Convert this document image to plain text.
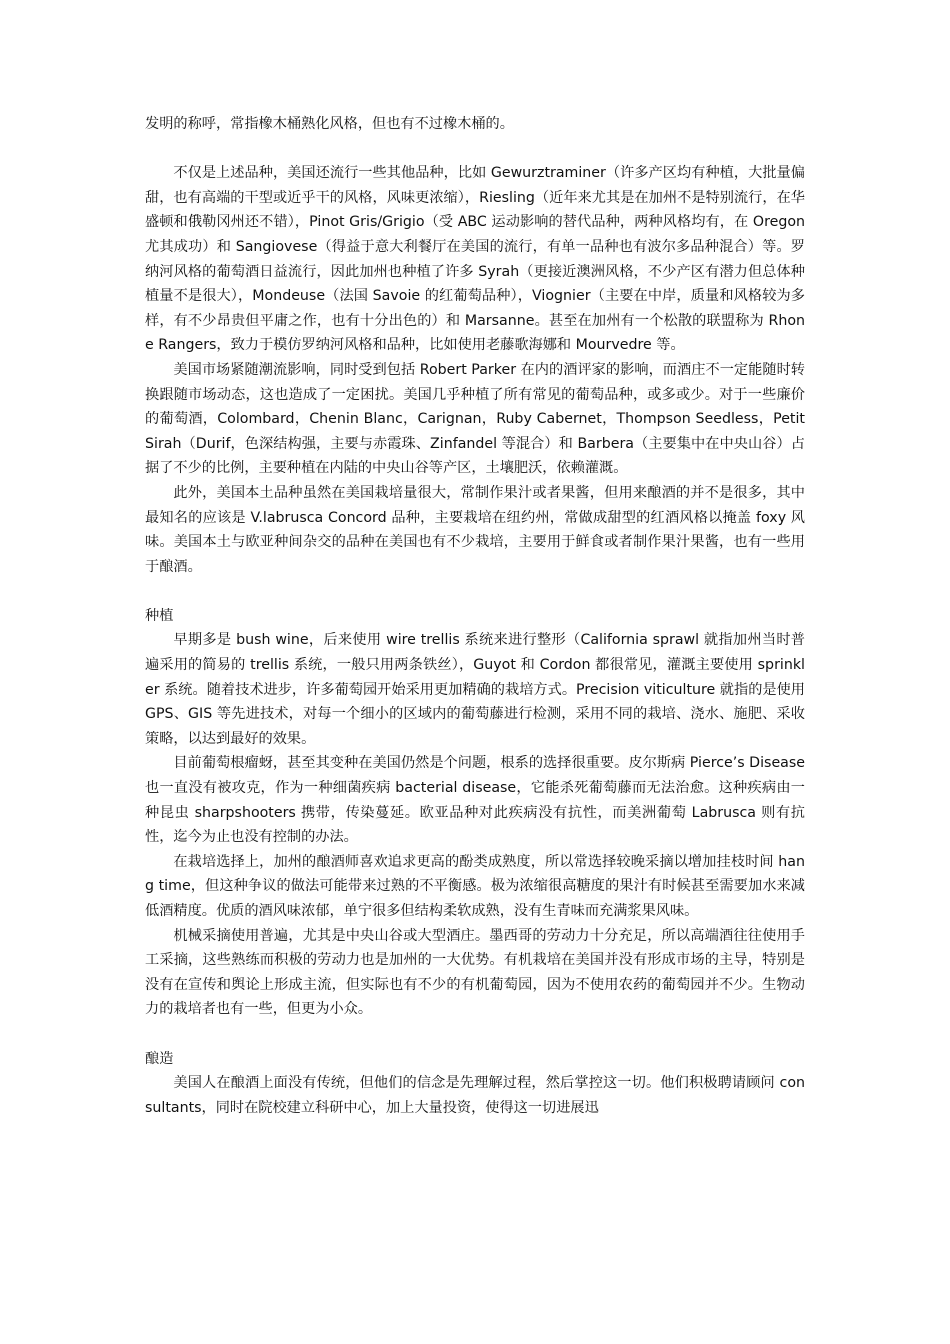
发明的称呼，常指橡木桶熟化风格，但也有不过橡木桶的。

不仅是上述品种，美国还流行一些其他品种，比如 Gewurztraminer（许多产区均有种植，大批量偏甜，也有高端的干型或近乎干的风格，风味更浓缩），Riesling（近年来尤其是在加州不是特别流行，在华盛顿和俄勒冈州还不错），Pinot Gris/Grigio（受 ABC 运动影响的替代品种，两种风格均有，在 Oregon 尤其成功）和 Sangiovese（得益于意大利餐厅在美国的流行，有单一品种也有波尔多品种混合）等。罗纳河风格的葡萄酒日益流行，因此加州也种植了许多 Syrah（更接近澳洲风格，不少产区有潜力但总体种植量不是很大），Mondeuse（法国 Savoie 的红葡萄品种），Viognier（主要在中岸，质量和风格较为多样，有不少昂贵但平庸之作，也有十分出色的）和 Marsanne。甚至在加州有一个松散的联盟称为 Rhone Rangers，致力于模仿罗纳河风格和品种，比如使用老藤歌海娜和 Mourvedre 等。

美国市场紧随潮流影响，同时受到包括 Robert Parker 在内的酒评家的影响，而酒庄不一定能随时转换跟随市场动态，这也造成了一定困扰。美国几乎种植了所有常见的葡萄品种，或多或少。对于一些廉价的葡萄酒，Colombard，Chenin Blanc，Carignan，Ruby Cabernet，Thompson Seedless，Petit Sirah（Durif，色深结构强，主要与赤霞珠、Zinfandel 等混合）和 Barbera（主要集中在中央山谷）占据了不少的比例，主要种植在内陆的中央山谷等产区，土壤肥沃，依赖灌溉。

此外，美国本土品种虽然在美国栽培量很大，常制作果汁或者果酱，但用来酿酒的并不是很多，其中最知名的应该是 V.labrusca Concord 品种，主要栽培在纽约州，常做成甜型的红酒风格以掩盖 foxy 风味。美国本土与欧亚种间杂交的品种在美国也有不少栽培，主要用于鲜食或者制作果汁果酱，也有一些用于酿酒。

种植

早期多是 bush wine，后来使用 wire trellis 系统来进行整形（California sprawl 就指加州当时普遍采用的简易的 trellis 系统，一般只用两条铁丝），Guyot 和 Cordon 都很常见，灌溉主要使用 sprinkler 系统。随着技术进步，许多葡萄园开始采用更加精确的栽培方式。Precision viticulture 就指的是使用 GPS、GIS 等先进技术，对每一个细小的区域内的葡萄藤进行检测，采用不同的栽培、浇水、施肥、采收策略，以达到最好的效果。

目前葡萄根瘤蚜，甚至其变种在美国仍然是个问题，根系的选择很重要。皮尔斯病 Pierce’s Disease 也一直没有被攻克，作为一种细菌疾病 bacterial disease，它能杀死葡萄藤而无法治愈。这种疾病由一种昆虫 sharpshooters 携带，传染蔓延。欧亚品种对此疾病没有抗性，而美洲葡萄 Labrusca 则有抗性，迄今为止也没有控制的办法。

在栽培选择上，加州的酿酒师喜欢追求更高的酚类成熟度，所以常选择较晚采摘以增加挂枝时间 hang time，但这种争议的做法可能带来过熟的不平衡感。极为浓缩很高糖度的果汁有时候甚至需要加水来减低酒精度。优质的酒风味浓郁，单宁很多但结构柔软成熟，没有生青味而充满浆果风味。

机械采摘使用普遍，尤其是中央山谷或大型酒庄。墨西哥的劳动力十分充足，所以高端酒往往使用手工采摘，这些熟练而积极的劳动力也是加州的一大优势。有机栽培在美国并没有形成市场的主导，特别是没有在宣传和舆论上形成主流，但实际也有不少的有机葡萄园，因为不使用农药的葡萄园并不少。生物动力的栽培者也有一些，但更为小众。

酿造

美国人在酿酒上面没有传统，但他们的信念是先理解过程，然后掌控这一切。他们积极聘请顾问 consultants，同时在院校建立科研中心，加上大量投资，使得这一切进展迅
